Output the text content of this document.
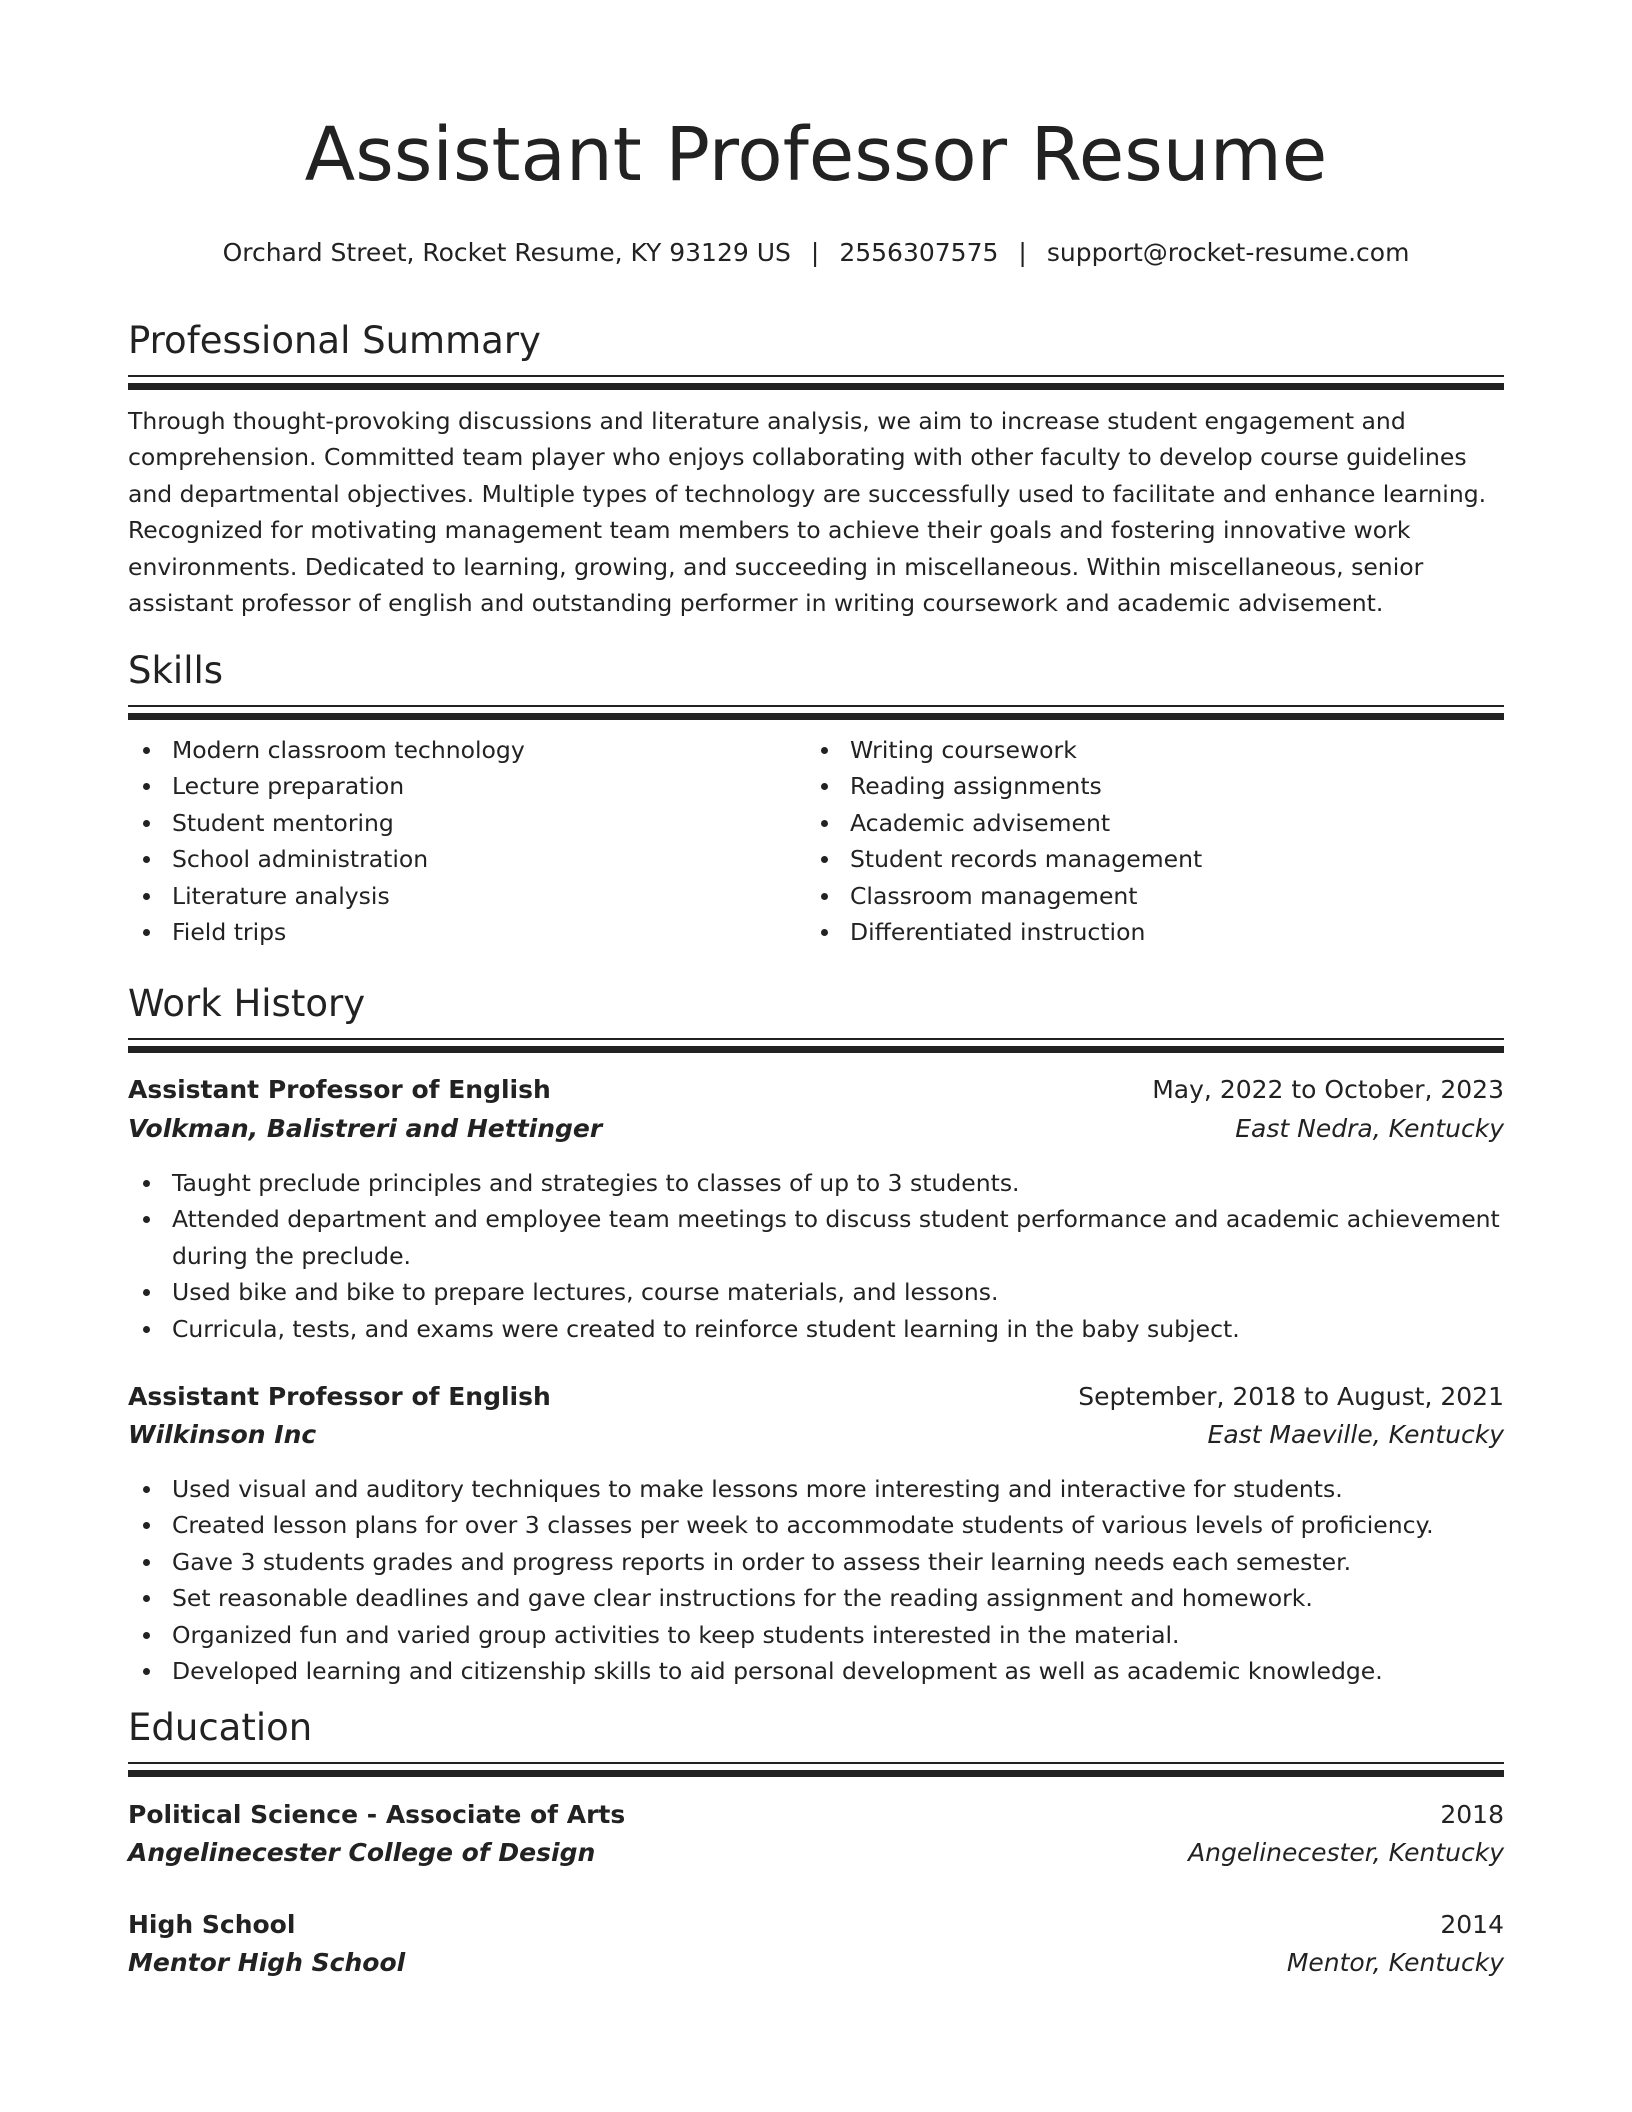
Assistant Professor Resume
Orchard Street, Rocket Resume, KY 93129 US | 2556307575 | support@rocket-resume.com
Professional Summary

Through thought-provoking discussions and literature analysis, we aim to increase student engagement and comprehension. Committed team player who enjoys collaborating with other faculty to develop course guidelines and departmental objectives. Multiple types of technology are successfully used to facilitate and enhance learning. Recognized for motivating management team members to achieve their goals and fostering innovative work environments. Dedicated to learning, growing, and succeeding in miscellaneous. Within miscellaneous, senior assistant professor of english and outstanding performer in writing coursework and academic advisement.

Skills
Modern classroom technology
Lecture preparation
Student mentoring
School administration
Literature analysis
Field trips
Writing coursework
Reading assignments
Academic advisement
Student records management
Classroom management
Differentiated instruction
Work History
Assistant Professor of English	May, 2022 to October, 2023
Volkman, Balistreri and Hettinger	East Nedra, Kentucky
Taught preclude principles and strategies to classes of up to 3 students.
Attended department and employee team meetings to discuss student performance and academic achievement during the preclude.
Used bike and bike to prepare lectures, course materials, and lessons.
Curricula, tests, and exams were created to reinforce student learning in the baby subject.
Assistant Professor of English	September, 2018 to August, 2021
Wilkinson Inc	East Maeville, Kentucky
Used visual and auditory techniques to make lessons more interesting and interactive for students.
Created lesson plans for over 3 classes per week to accommodate students of various levels of proficiency.
Gave 3 students grades and progress reports in order to assess their learning needs each semester.
Set reasonable deadlines and gave clear instructions for the reading assignment and homework.
Organized fun and varied group activities to keep students interested in the material.
Developed learning and citizenship skills to aid personal development as well as academic knowledge.
Education
Political Science - Associate of Arts	2018
Angelinecester College of Design	Angelinecester, Kentucky
High School	2014
Mentor High School	Mentor, Kentucky
